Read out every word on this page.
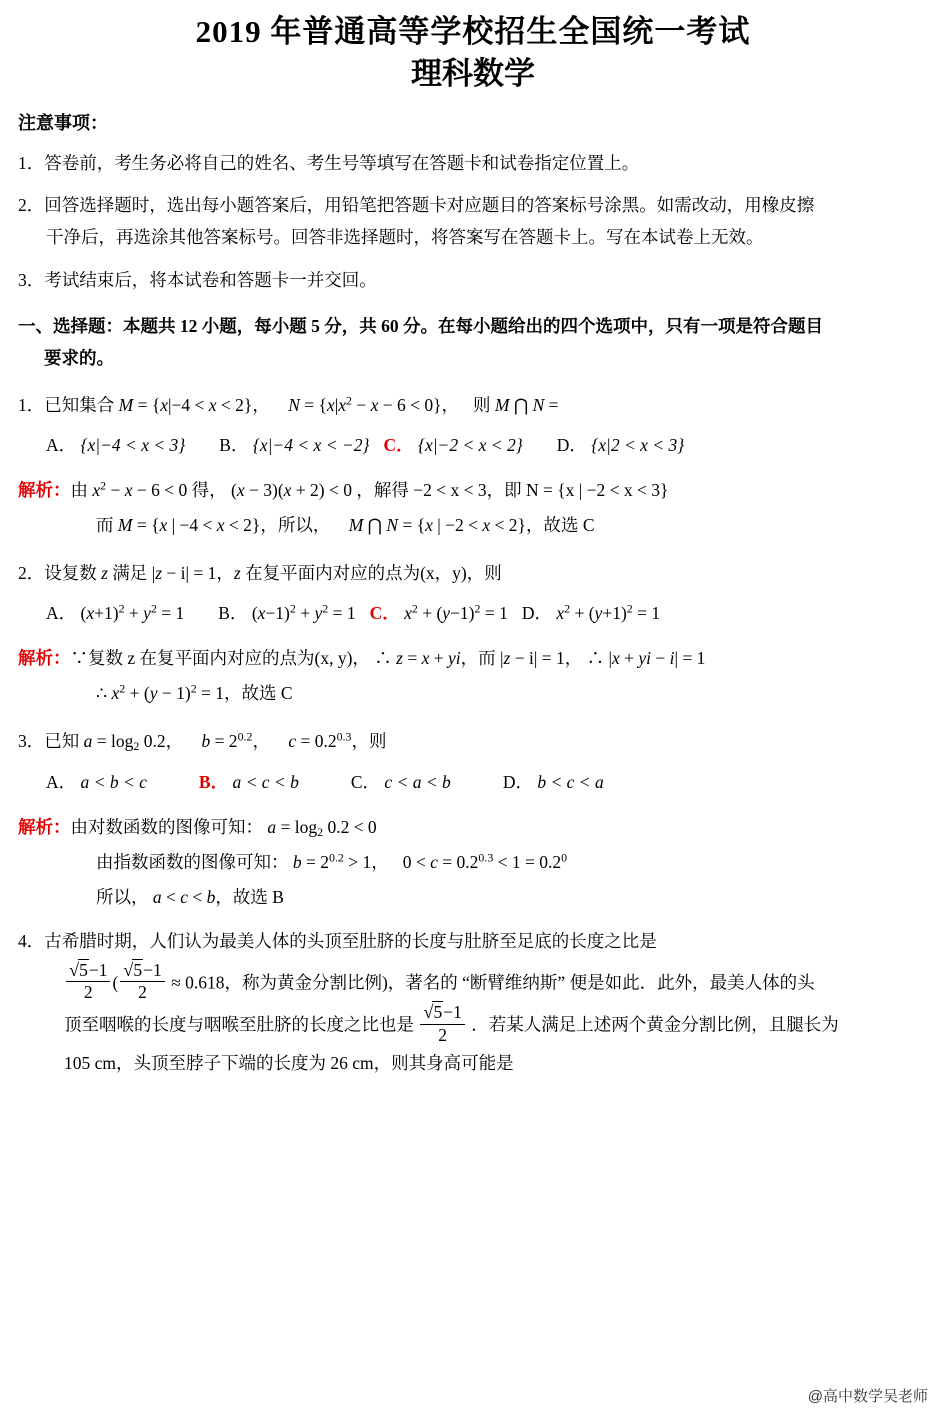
2019 年普通高等学校招生全国统一考试
理科数学
注意事项：
1．答卷前，考生务必将自己的姓名、考生号等填写在答题卡和试卷指定位置上。
2．回答选择题时，选出每小题答案后，用铅笔把答题卡对应题目的答案标号涂黑。如需改动，用橡皮擦
干净后，再选涂其他答案标号。回答非选择题时，将答案写在答题卡上。写在本试卷上无效。
3．考试结束后，将本试卷和答题卡一并交回。
一、选择题：本题共 12 小题，每小题 5 分，共 60 分。在每小题给出的四个选项中，只有一项是符合题目
要求的。
1．已知集合 M = {x|−4 < x < 2}， $N = \{x|x^2 - x - 6 < 0\}$， 则 M ⋂ N =
A． {x|−4 < x < 3} B． {x|−4 < x < −2} C． {x|−2 < x < 2} D． {x|2 < x < 3}
解析：由 $x^2 - x - 6 < 0$ 得， (x − 3)(x + 2) < 0 ，解得 −2 < x < 3，即 N = {x | −2 < x < 3}
而 M = {x | −4 < x < 2}，所以， M ⋂ N = {x | −2 < x < 2}，故选 C
2．设复数 z 满足 |z − i| = 1，z 在复平面内对应的点为(x，y)，则
A． $(x+1)^2 + y^2 = 1$ B． $(x-1)^2 + y^2 = 1$ C． $x^2 + (y-1)^2 = 1$ D． $x^2 + (y+1)^2 = 1$
解析：∵复数 z 在复平面内对应的点为(x, y)， ∴ z = x + yi，而 |z − i| = 1， ∴ |x + yi − i| = 1
∴ $x^2 + (y - 1)^2 = 1$，故选 C
3．已知 $a = \log_2 0.2$， $b = 2^{0.2}$， $c = 0.2^{0.3}$，则
A． a < b < c	B． a < c < b	C． c < a < b	D． b < c < a
解析：由对数函数的图像可知： $a = \log_2 0.2 < 0$
由指数函数的图像可知： $b = 2^{0.2} > 1$， $0 < c = 0.2^{0.3} < 1 = 0.2^0$
所以， a < c < b，故选 B
4．古希腊时期，人们认为最美人体的头顶至肚脐的长度与肚脐至足底的长度之比是
$\frac{√5-1}{2}$ ( $\frac{√5-1}{2} \approx 0.618$，称为黄金分割比例)，著名的 “断臂维纳斯” 便是如此．此外，最美人体的头
顶至咽喉的长度与咽喉至肚脐的长度之比也是 $\frac{√5-1}{2}$ ．若某人满足上述两个黄金分割比例，且腿长为
105 cm，头顶至脖子下端的长度为 26 cm，则其身高可能是
@高中数学吴老师
